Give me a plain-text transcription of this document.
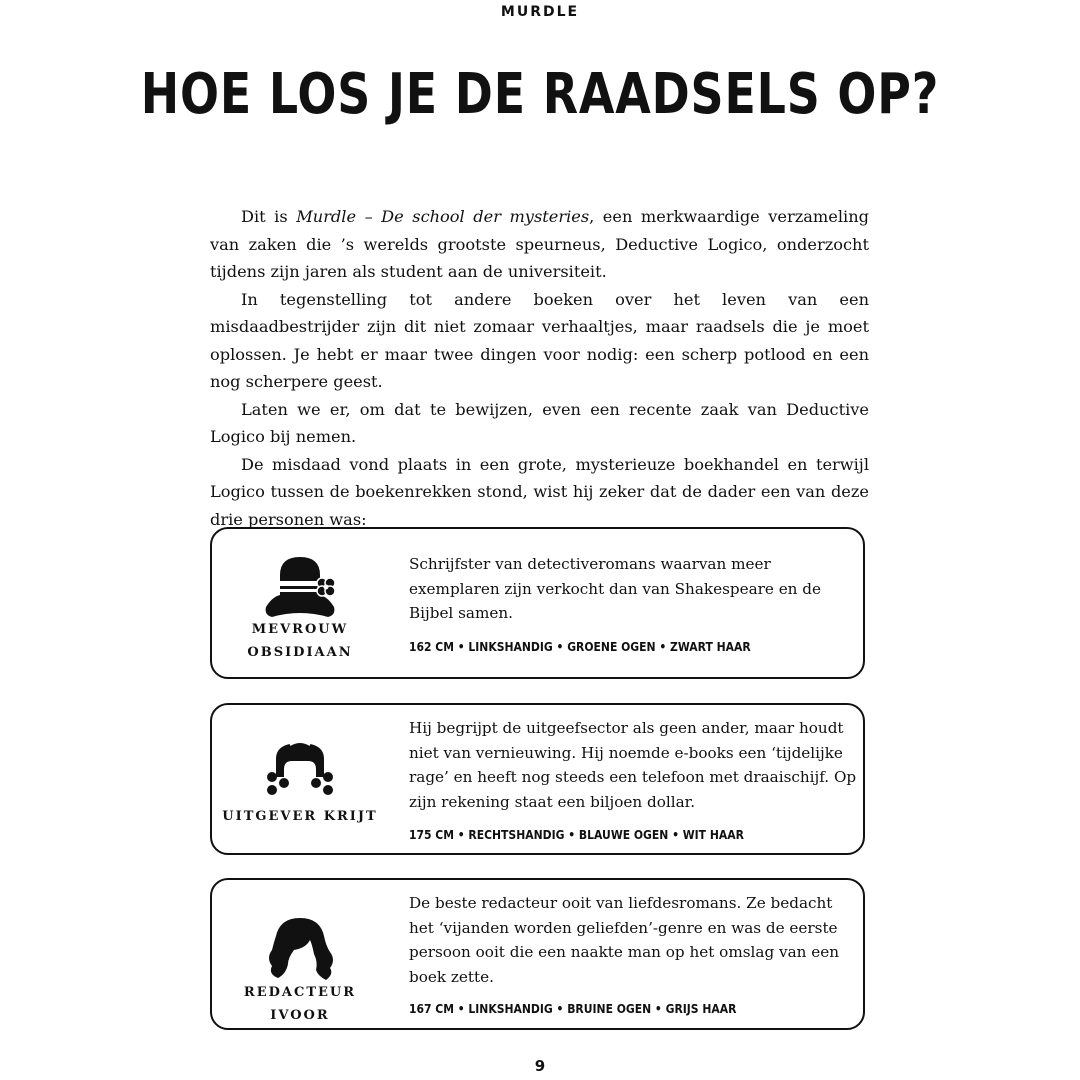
MURDLE
HOE LOS JE DE RAADSELS OP?

Dit is Murdle – De school der mysteries, een merkwaardige verzameling van zaken die ’s werelds grootste speurneus, Deductive Logico, onderzocht tijdens zijn jaren als student aan de universiteit.

In tegenstelling tot andere boeken over het leven van een misdaadbestrijder zijn dit niet zomaar verhaaltjes, maar raadsels die je moet oplossen. Je hebt er maar twee dingen voor nodig: een scherp potlood en een nog scherpere geest.

Laten we er, om dat te bewijzen, even een recente zaak van Deductive Logico bij nemen.

De misdaad vond plaats in een grote, mysterieuze boekhandel en terwijl Logico tussen de boekenrekken stond, wist hij zeker dat de dader een van deze drie personen was:

MEVROUW
OBSIDIAAN
Schrijfster van detectiveromans waarvan meer exemplaren zijn verkocht dan van Shakespeare en de Bijbel samen.
162 CM • LINKSHANDIG • GROENE OGEN • ZWART HAAR
UITGEVER KRIJT
Hij begrijpt de uitgeefsector als geen ander, maar houdt niet van vernieuwing. Hij noemde e-books een ‘tijdelijke rage’ en heeft nog steeds een telefoon met draaischijf. Op zijn rekening staat een biljoen dollar.
175 CM • RECHTSHANDIG • BLAUWE OGEN • WIT HAAR
REDACTEUR IVOOR
De beste redacteur ooit van liefdesromans. Ze bedacht het ‘vijanden worden geliefden’-genre en was de eerste persoon ooit die een naakte man op het omslag van een boek zette.
167 CM • LINKSHANDIG • BRUINE OGEN • GRIJS HAAR
9
